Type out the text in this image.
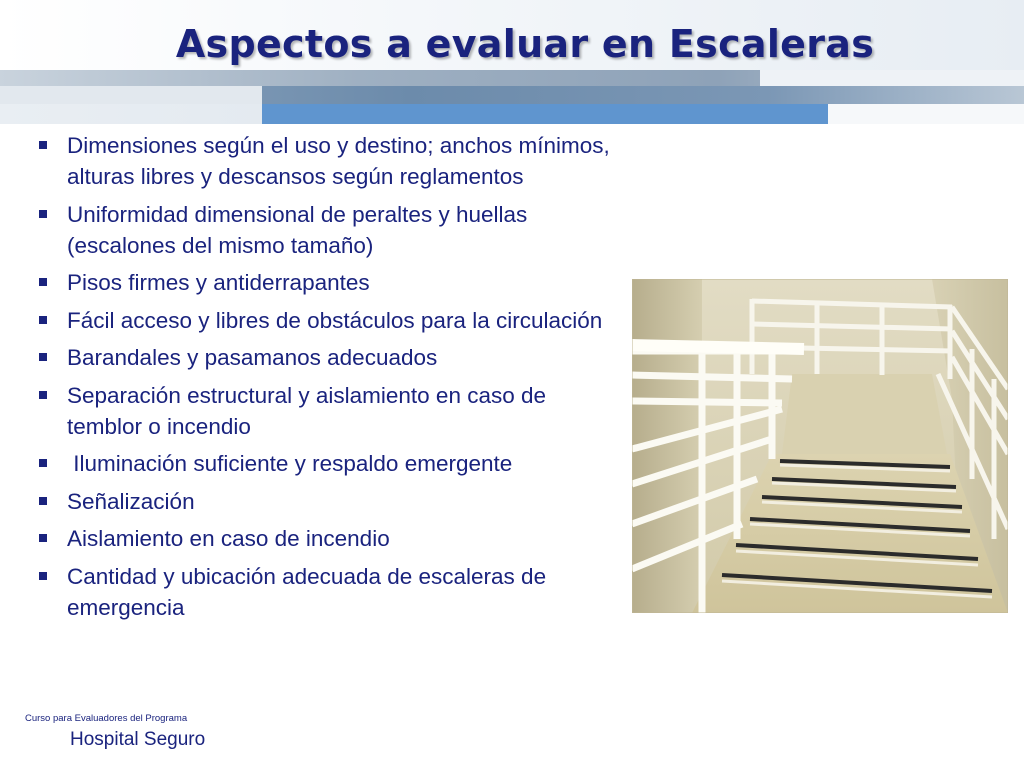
Aspectos a evaluar en Escaleras
Dimensiones según el uso y destino; anchos mínimos, alturas libres y descansos según reglamentos
Uniformidad dimensional de peraltes y huellas (escalones del mismo tamaño)
Pisos firmes y antiderrapantes
Fácil acceso y libres de obstáculos para la circulación
Barandales y pasamanos adecuados
Separación estructural y aislamiento en caso de temblor o incendio
Iluminación suficiente y respaldo emergente
Señalización
Aislamiento en caso de incendio
Cantidad y ubicación adecuada de escaleras de emergencia
Curso para Evaluadores del Programa
Hospital Seguro
